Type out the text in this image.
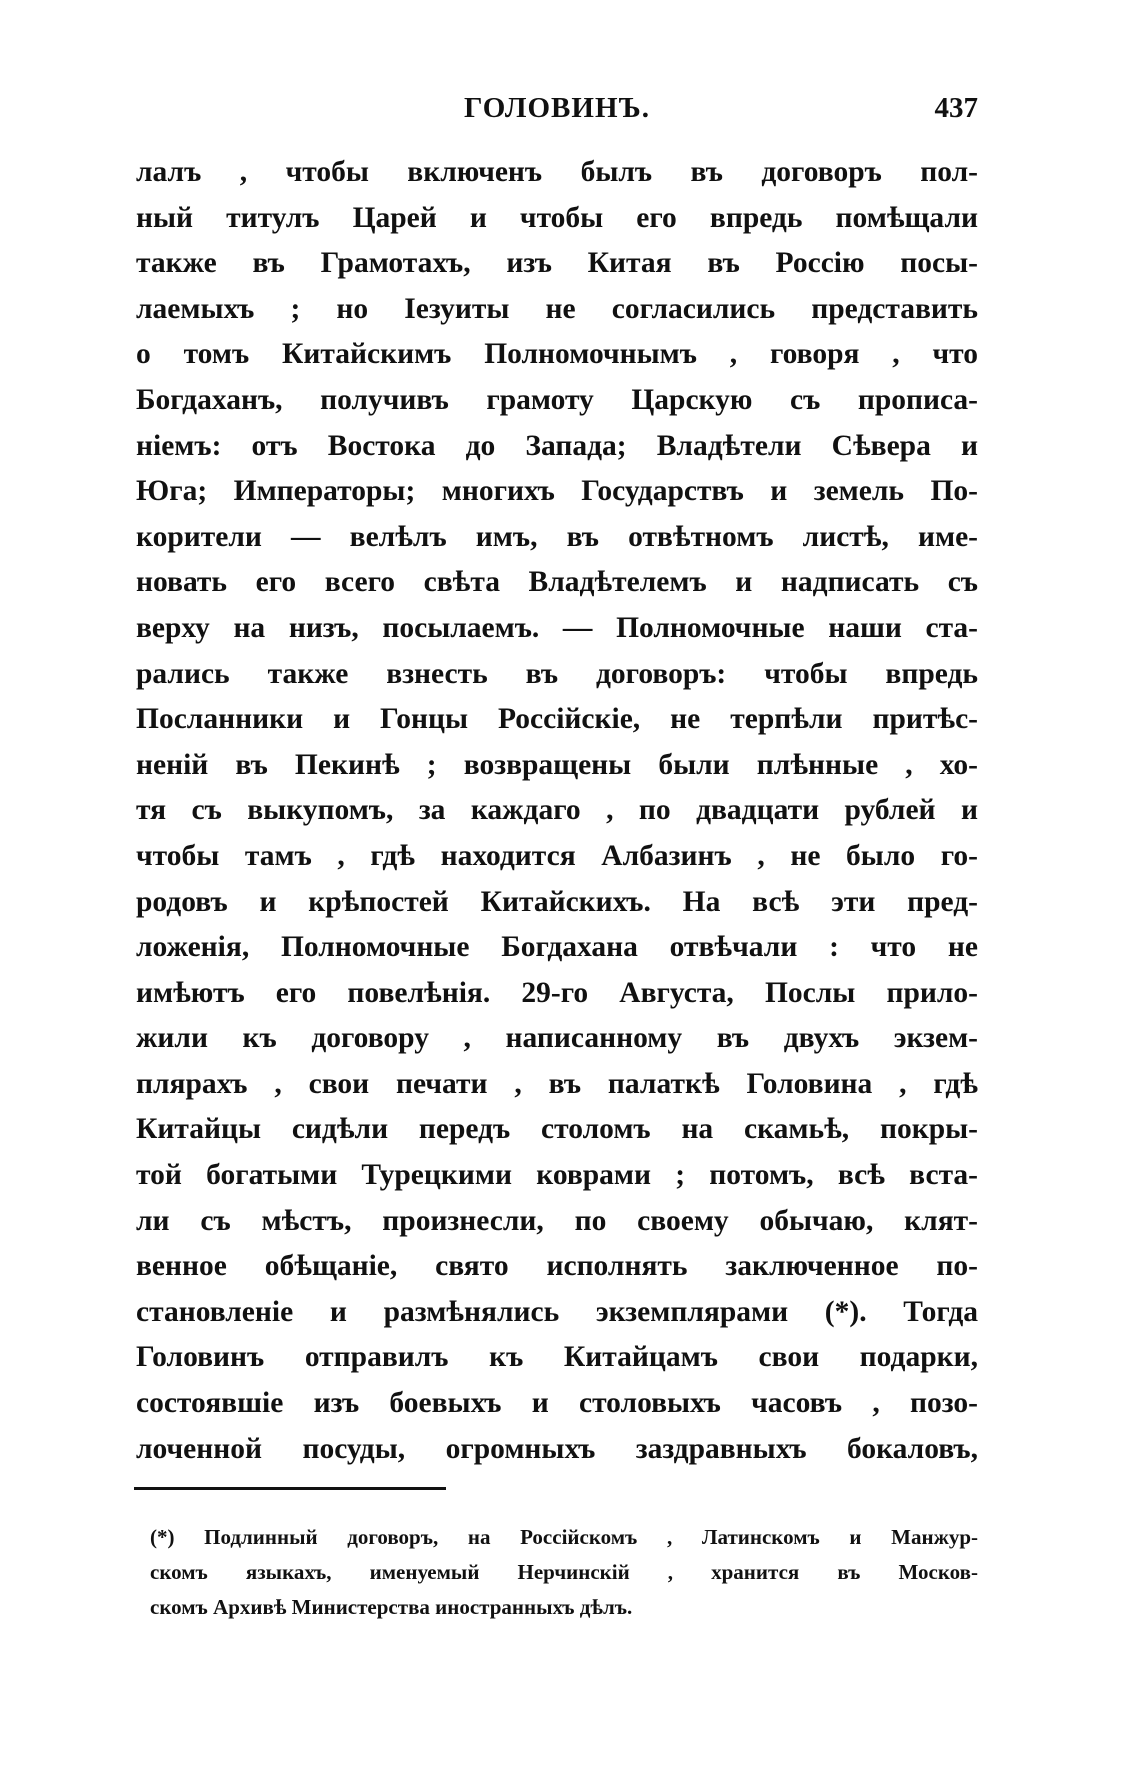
ГОЛОВИНЪ.	437
лалъ , чтобы включенъ былъ въ договоръ пол-
ный титулъ Царей и чтобы его впредь помѣщали
также въ Грамотахъ, изъ Китая въ Россію посы-
лаемыхъ ; но Іезуиты не согласились представить
о томъ Китайскимъ Полномочнымъ , говоря , что
Богдаханъ, получивъ грамоту Царскую съ прописа-
ніемъ: отъ Востока до Запада; Владѣтели Сѣвера и
Юга; Императоры; многихъ Государствъ и земель По-
корители — велѣлъ имъ, въ отвѣтномъ листѣ, име-
новать его всего свѣта Владѣтелемъ и надписать съ
верху на низъ, посылаемъ. — Полномочные наши ста-
рались также взнесть въ договоръ: чтобы впредь
Посланники и Гонцы Россійскіе, не терпѣли притѣс-
неній въ Пекинѣ ; возвращены были плѣнные , хо-
тя съ выкупомъ, за каждаго , по двадцати рублей и
чтобы тамъ , гдѣ находится Албазинъ , не было го-
родовъ и крѣпостей Китайскихъ. На всѣ эти пред-
ложенія, Полномочные Богдахана отвѣчали : что не
имѣютъ его повелѣнія. 29-го Августа, Послы прило-
жили къ договору , написанному въ двухъ экзем-
плярахъ , свои печати , въ палаткѣ Головина , гдѣ
Китайцы сидѣли передъ столомъ на скамьѣ, покры-
той богатыми Турецкими коврами ; потомъ, всѣ вста-
ли съ мѣстъ, произнесли, по своему обычаю, клят-
венное обѣщаніе, свято исполнять заключенное по-
становленіе и размѣнялись экземплярами (*). Тогда
Головинъ отправилъ къ Китайцамъ свои подарки,
состоявшіе изъ боевыхъ и столовыхъ часовъ , позо-
лоченной посуды, огромныхъ заздравныхъ бокаловъ,
(*) Подлинный договоръ, на Россійскомъ , Латинскомъ и Манжур-
скомъ языкахъ, именуемый Нерчинскій , хранится въ Москов-
скомъ Архивѣ Министерства иностранныхъ дѣлъ.
